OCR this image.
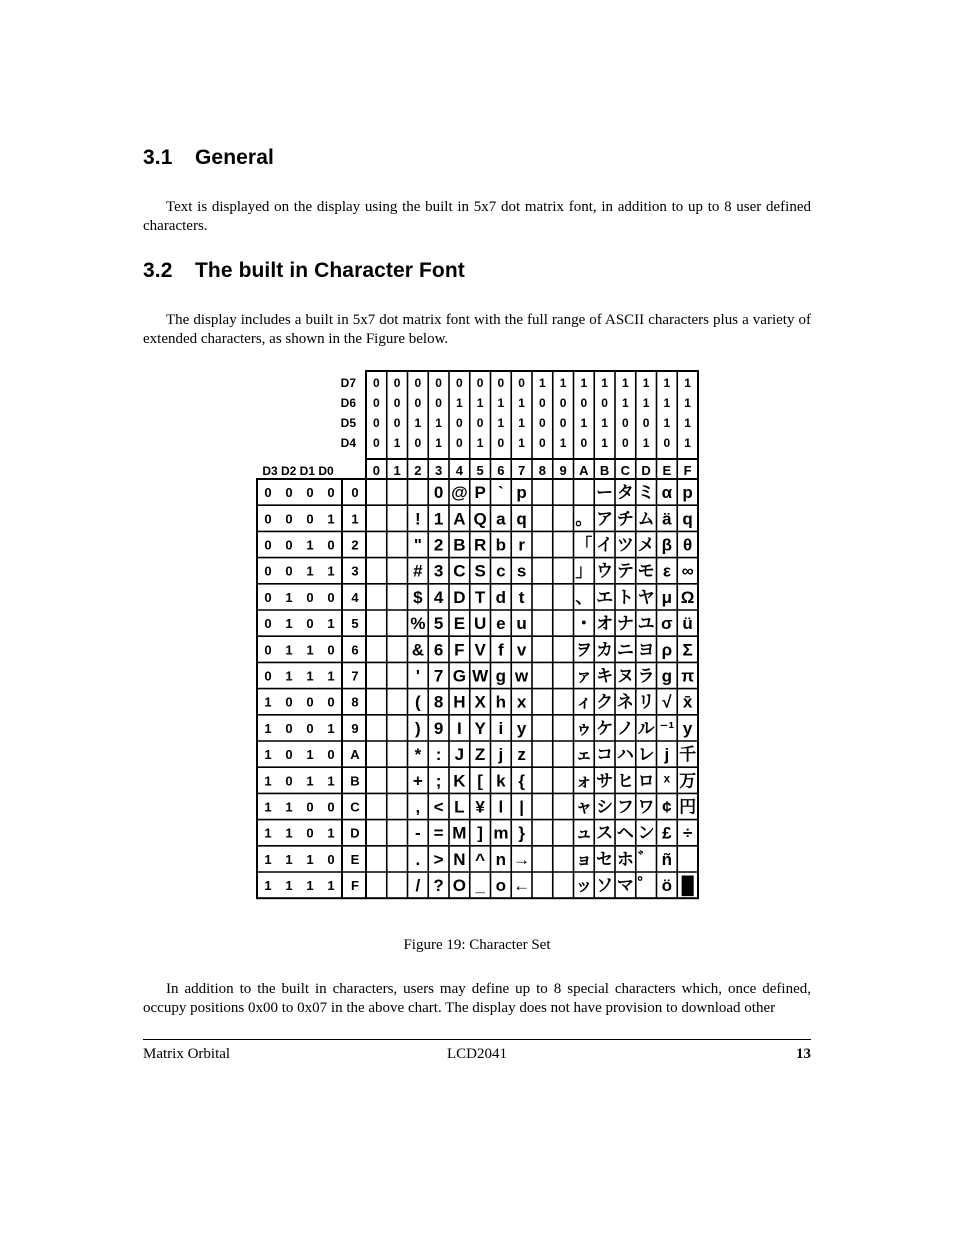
3.1 General

Text is displayed on the display using the built in 5x7 dot matrix font, in addition to up to 8 user defined characters.

3.2 The built in Character Font

The display includes a built in 5x7 dot matrix font with the full range of ASCII characters plus a variety of extended characters, as shown in the Figure below.

D7
D6
D5
D4
0 0 0 0 0 0 0 0 1 1 1 1 1 1 1 1
0 0 0 0 1 1 1 1 0 0 0 0 1 1 1 1
0 0 1 1 0 0 1 1 0 0 1 1 0 0 1 1
0 1 0 1 0 1 0 1 0 1 0 1 0 1 0 1
0 1 2 3 4 5 6 7 8 9 A B C D E F
D3 D2 D1 D0
0 0 0 0 0
0 0 0 1 1
0 0 1 0 2
0 0 1 1 3
0 1 0 0 4
0 1 0 1 5
0 1 1 0 6
0 1 1 1 7
1 0 0 0 8
1 0 0 1 9
1 0 1 0 A
1 0 1 1 B
1 1 0 0 C
1 1 0 1 D
1 1 1 0 E
1 1 1 1 F
!
"
#
$
%
&
'
(
)
*
+
,
-
.
/
0
1
2
3
4
5
6
7
8
9
:
;
<
=
>
?
@
A
B
C
D
E
F
G
H
I
J
K
L
M
N
O
P
Q
R
S
T
U
V
W
X
Y
Z
[
¥
]
^
_
`
a
b
c
d
e
f
g
h
i
j
k
l
m
n
o
p
q
r
s
t
u
v
w
x
y
z
{
|
}
→
←
。
「
」
、
・
ヲ
ァ
ィ
ゥ
ェ
ォ
ャ
ュ
ョ
ッ
ー
ア
イ
ウ
エ
オ
カ
キ
ク
ケ
コ
サ
シ
ス
セ
ソ
タ
チ
ツ
テ
ト
ナ
ニ
ヌ
ネ
ノ
ハ
ヒ
フ
ヘ
ホ
マ
ミ
ム
メ
モ
ヤ
ユ
ヨ
ラ
リ
ル
レ
ロ
ワ
ン
゛
゜
α
ä
β
ε
μ
σ
ρ
g
√
⁻¹
j
ˣ
¢
£
ñ
ö
p
q
θ
∞
Ω
ü
Σ
π
x̄
y
千
万
円
÷
█
Figure 19: Character Set

In addition to the built in characters, users may define up to 8 special characters which, once defined, occupy positions 0x00 to 0x07 in the above chart. The display does not have provision to download other

Matrix Orbital	LCD2041	13
